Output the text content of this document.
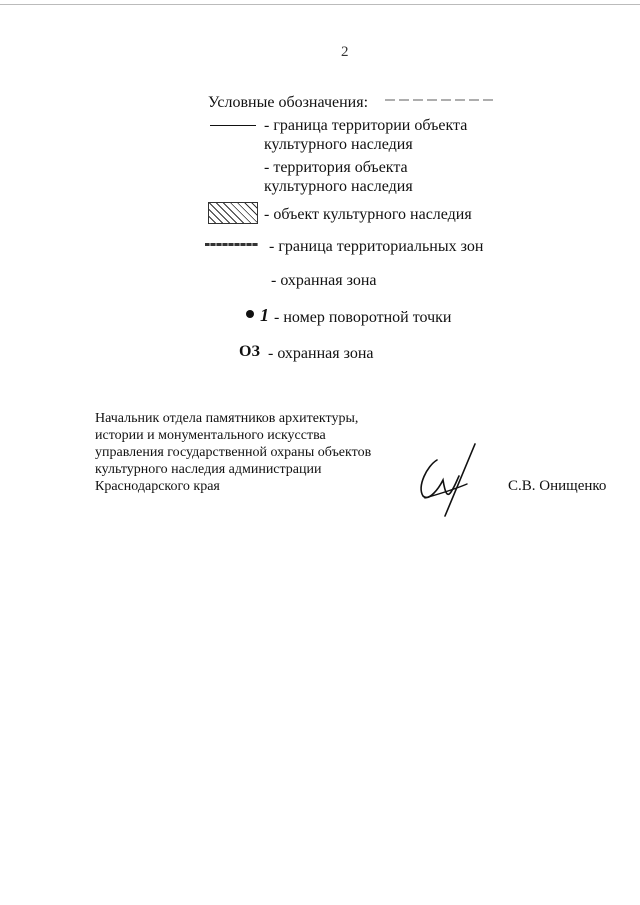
2
Условные обозначения:
- граница территории объекта
культурного наследия
- территория объекта
культурного наследия
- объект культурного наследия
- граница территориальных зон
- охранная зона
1 - номер поворотной точки
ОЗ - охранная зона
Начальник отдела памятников архитектуры,
истории и монументального искусства
управления государственной охраны объектов
культурного наследия администрации
Краснодарского края	С.В. Онищенко
